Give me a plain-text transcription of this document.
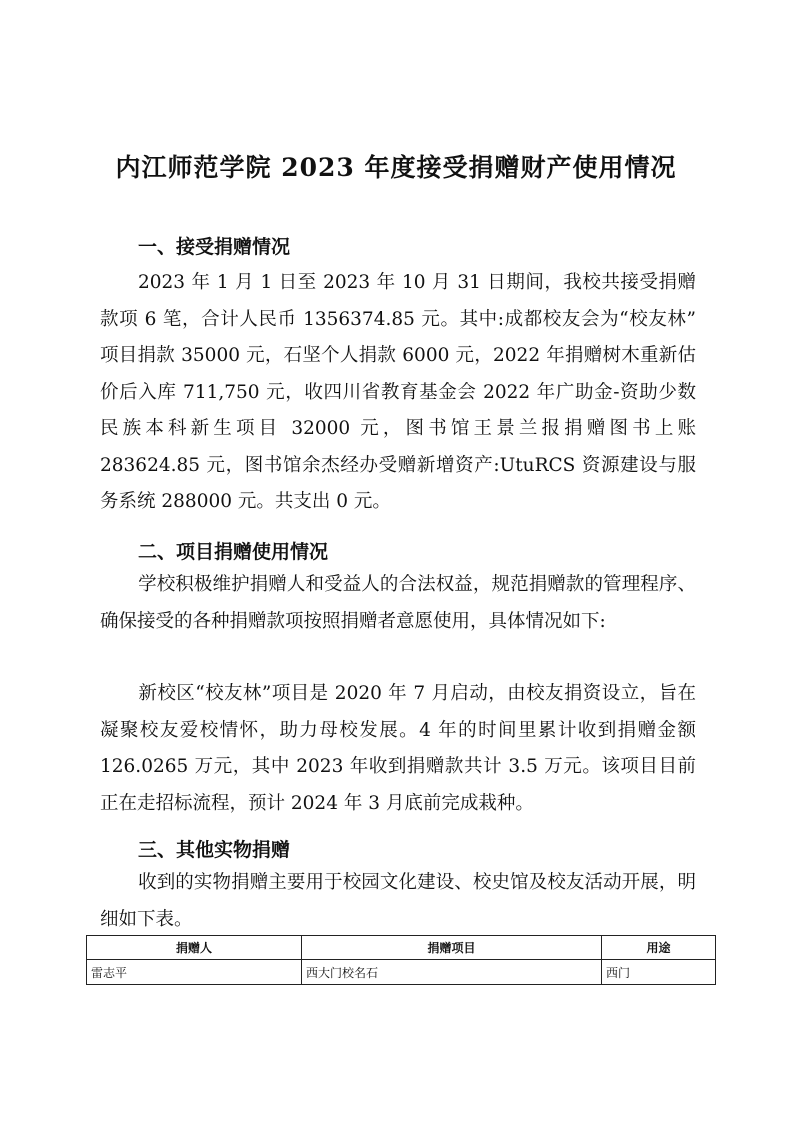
内江师范学院 2023 年度接受捐赠财产使用情况
一、接受捐赠情况

2023 年 1 月 1 日至 2023 年 10 月 31 日期间，我校共接受捐赠款项 6 笔，合计人民币 1356374.85 元。其中:成都校友会为“校友林” 项目捐款 35000 元，石坚个人捐款 6000 元，2022 年捐赠树木重新估价后入库 711,750 元，收四川省教育基金会 2022 年广助金-资助少数民族本科新生项目 32000 元，图书馆王景兰报捐赠图书上账 283624.85 元，图书馆余杰经办受赠新增资产:UtuRCS 资源建设与服务系统 288000 元。共支出 0 元。

二、项目捐赠使用情况

学校积极维护捐赠人和受益人的合法权益，规范捐赠款的管理程序、确保接受的各种捐赠款项按照捐赠者意愿使用，具体情况如下:

新校区“校友林”项目是 2020 年 7 月启动，由校友捐资设立，旨在凝聚校友爱校情怀，助力母校发展。4 年的时间里累计收到捐赠金额 126.0265 万元，其中 2023 年收到捐赠款共计 3.5 万元。该项目目前正在走招标流程，预计 2024 年 3 月底前完成栽种。

三、其他实物捐赠

收到的实物捐赠主要用于校园文化建设、校史馆及校友活动开展，明细如下表。

捐赠人	捐赠项目	用途
雷志平	西大门校名石	西门
